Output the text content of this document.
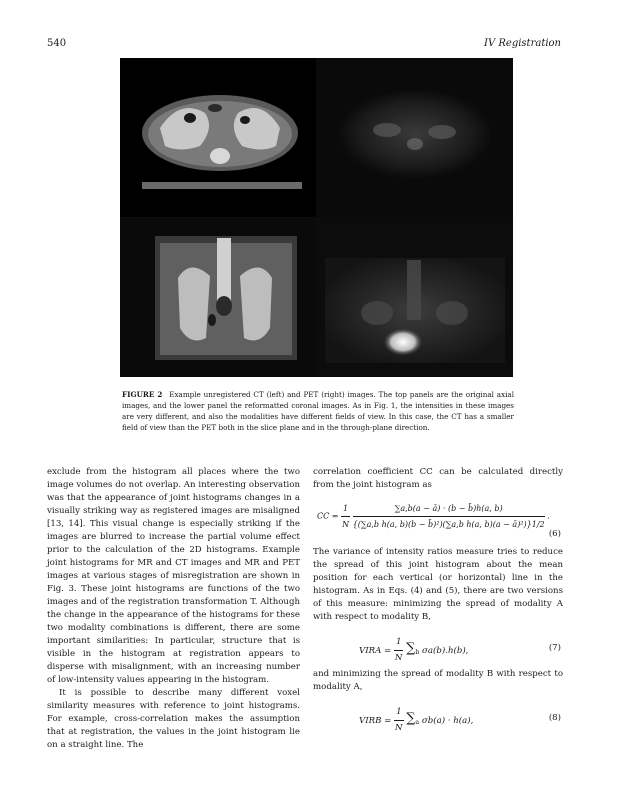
540	IV Registration
FIGURE 2 Example unregistered CT (left) and PET (right) images. The top panels are the original axial images, and the lower panel the reformatted coronal images. As in Fig. 1, the intensities in these images are very different, and also the modalities have different fields of view. In this case, the CT has a smaller field of view than the PET both in the slice plane and in the through-plane direction.

exclude from the histogram all places where the two image volumes do not overlap. An interesting observation was that the appearance of joint histograms changes in a visually striking way as registered images are misaligned [13, 14]. This visual change is especially striking if the images are blurred to increase the partial volume effect prior to the calculation of the 2D histograms. Example joint histograms for MR and CT images and MR and PET images at various stages of misregistration are shown in Fig. 3. These joint histograms are functions of the two images and of the registration transformation T. Although the change in the appearance of the histograms for these two modality combinations is different, there are some important similarities: In particular, structure that is visible in the histogram at registration appears to disperse with misalignment, with an increasing number of low-intensity values appearing in the histogram.

It is possible to describe many different voxel similarity measures with reference to joint histograms. For example, cross-correlation makes the assumption that at registration, the values in the joint histogram lie on a straight line. The

correlation coefficient CC can be calculated directly from the joint histogram as

CC = $\frac{1}{N}$
$\frac{\sum a,b(a - ā) \cdot (b - b̄)h(a, b)}{\text{\{(∑a,b h(a, b)(b − b̄)²)(∑a,b h(a, b)(a − ā)²)\}1/2}}$ .
(6)

The variance of intensity ratios measure tries to reduce the spread of this joint histogram about the mean position for each vertical (or horizontal) line in the histogram. As in Eqs. (4) and (5), there are two versions of this measure: minimizing the spread of modality A with respect to modality B,

VIRA = $\frac{1}{N} \sum_b$ σa(b).h(b),	(7)

and minimizing the spread of modality B with respect to modality A,

VIRB = $\frac{1}{N} \sum_a$ σb(a) · h(a),	(8)
